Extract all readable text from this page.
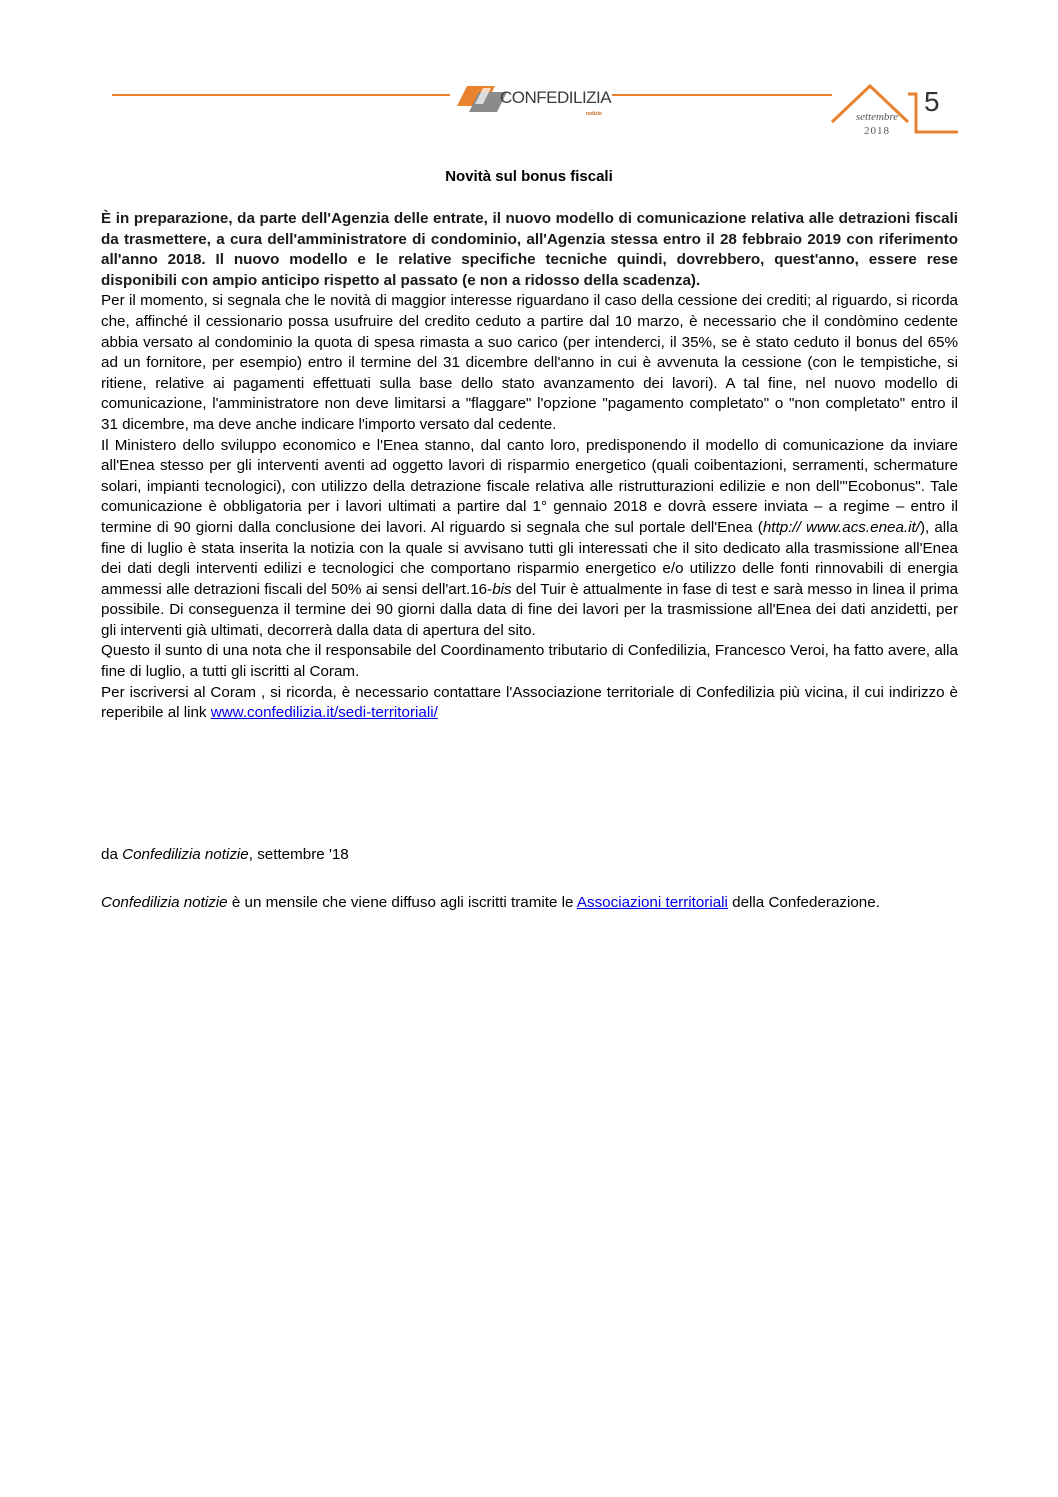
CONFEDILIZIA
notizie	settembre
2018
5
Novità sul bonus fiscali

È in preparazione, da parte dell'Agenzia delle entrate, il nuovo modello di comunicazione relativa alle detrazioni fiscali da trasmettere, a cura dell'amministratore di condominio, all'Agenzia stessa entro il 28 febbraio 2019 con riferimento all'anno 2018. Il nuovo modello e le relative specifiche tecniche quindi, dovrebbero, quest'anno, essere rese disponibili con ampio anticipo rispetto al passato (e non a ridosso della scadenza).

Per il momento, si segnala che le novità di maggior interesse riguardano il caso della cessione dei crediti; al riguardo, si ricorda che, affinché il cessionario possa usufruire del credito ceduto a partire dal 10 marzo, è necessario che il condòmino cedente abbia versato al condominio la quota di spesa rimasta a suo carico (per intenderci, il 35%, se è stato ceduto il bonus del 65% ad un fornitore, per esempio) entro il termine del 31 dicembre dell'anno in cui è avvenuta la cessione (con le tempistiche, si ritiene, relative ai pagamenti effettuati sulla base dello stato avanzamento dei lavori). A tal fine, nel nuovo modello di comunicazione, l'amministratore non deve limitarsi a "flaggare" l'opzione "pagamento completato" o "non completato" entro il 31 dicembre, ma deve anche indicare l'importo versato dal cedente.

Il Ministero dello sviluppo economico e l'Enea stanno, dal canto loro, predisponendo il modello di comunicazione da inviare all'Enea stesso per gli interventi aventi ad oggetto lavori di risparmio energetico (quali coibentazioni, serramenti, schermature solari, impianti tecnologici), con utilizzo della detrazione fiscale relativa alle ristrutturazioni edilizie e non dell'"Ecobonus". Tale comunicazione è obbligatoria per i lavori ultimati a partire dal 1° gennaio 2018 e dovrà essere inviata – a regime – entro il termine di 90 giorni dalla conclusione dei lavori. Al riguardo si segnala che sul portale dell'Enea (http:// www.acs.enea.it/), alla fine di luglio è stata inserita la notizia con la quale si avvisano tutti gli interessati che il sito dedicato alla trasmissione all'Enea dei dati degli interventi edilizi e tecnologici che comportano risparmio energetico e/o utilizzo delle fonti rinnovabili di energia ammessi alle detrazioni fiscali del 50% ai sensi dell'art.16-bis del Tuir è attualmente in fase di test e sarà messo in linea il prima possibile. Di conseguenza il termine dei 90 giorni dalla data di fine dei lavori per la trasmissione all'Enea dei dati anzidetti, per gli interventi già ultimati, decorrerà dalla data di apertura del sito.

Questo il sunto di una nota che il responsabile del Coordinamento tributario di Confedilizia, Francesco Veroi, ha fatto avere, alla fine di luglio, a tutti gli iscritti al Coram.

Per iscriversi al Coram , si ricorda, è necessario contattare l'Associazione territoriale di Confedilizia più vicina, il cui indirizzo è reperibile al link www.confedilizia.it/sedi-territoriali/

da Confedilizia notizie, settembre '18
Confedilizia notizie è un mensile che viene diffuso agli iscritti tramite le Associazioni territoriali della Confederazione.
